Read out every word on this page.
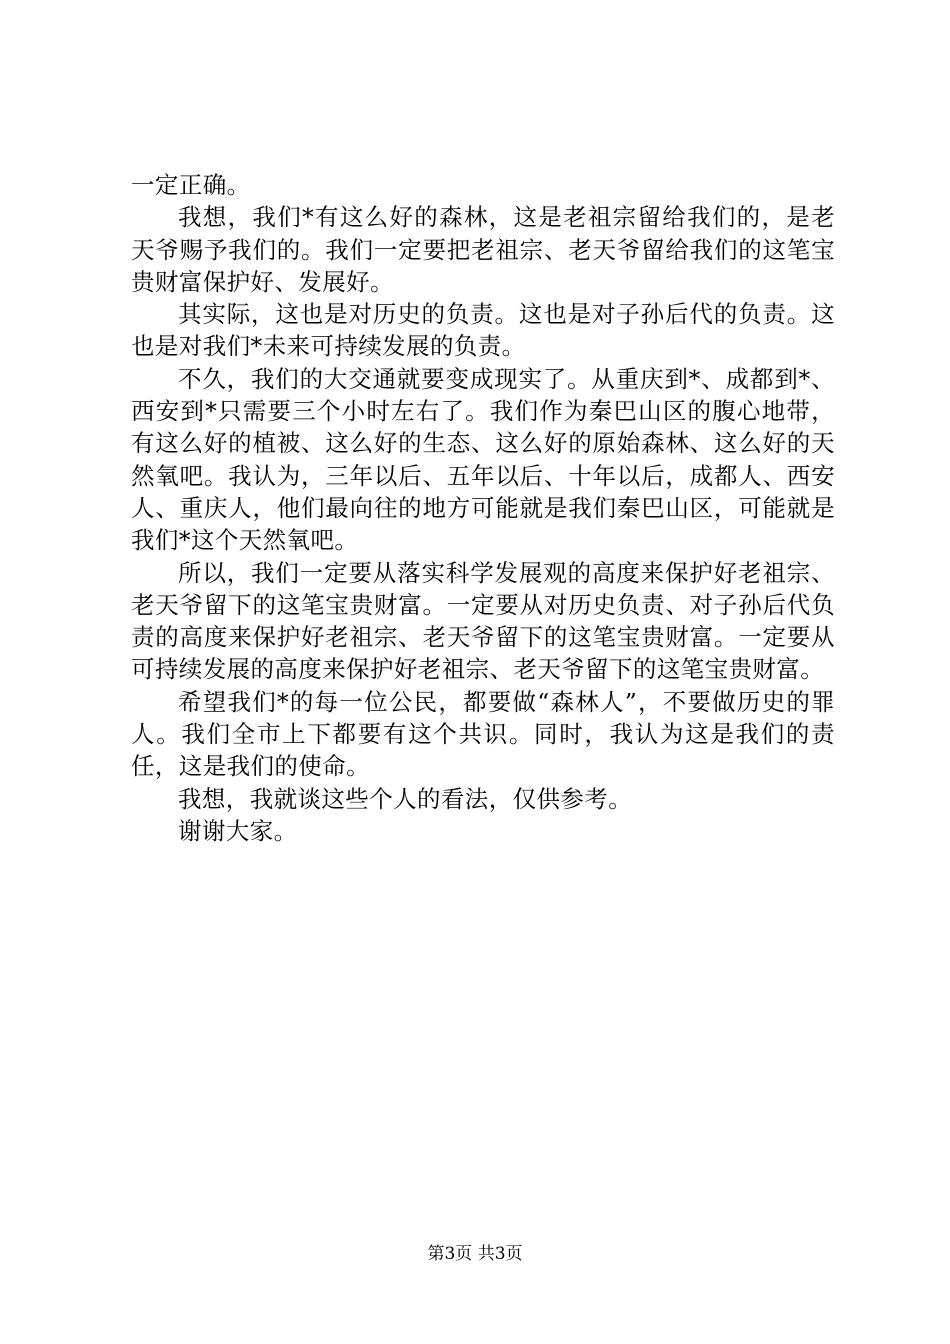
一定正确。

我想，我们*有这么好的森林，这是老祖宗留给我们的，是老天爷赐予我们的。我们一定要把老祖宗、老天爷留给我们的这笔宝贵财富保护好、发展好。

其实际，这也是对历史的负责。这也是对子孙后代的负责。这也是对我们*未来可持续发展的负责。

不久，我们的大交通就要变成现实了。从重庆到*、成都到*、西安到*只需要三个小时左右了。我们作为秦巴山区的腹心地带，有这么好的植被、这么好的生态、这么好的原始森林、这么好的天然氧吧。我认为，三年以后、五年以后、十年以后，成都人、西安人、重庆人，他们最向往的地方可能就是我们秦巴山区，可能就是我们*这个天然氧吧。

所以，我们一定要从落实科学发展观的高度来保护好老祖宗、老天爷留下的这笔宝贵财富。一定要从对历史负责、对子孙后代负责的高度来保护好老祖宗、老天爷留下的这笔宝贵财富。一定要从可持续发展的高度来保护好老祖宗、老天爷留下的这笔宝贵财富。

希望我们*的每一位公民，都要做“森林人”，不要做历史的罪人。我们全市上下都要有这个共识。同时，我认为这是我们的责任，这是我们的使命。

我想，我就谈这些个人的看法，仅供参考。

谢谢大家。

第3页 共3页
